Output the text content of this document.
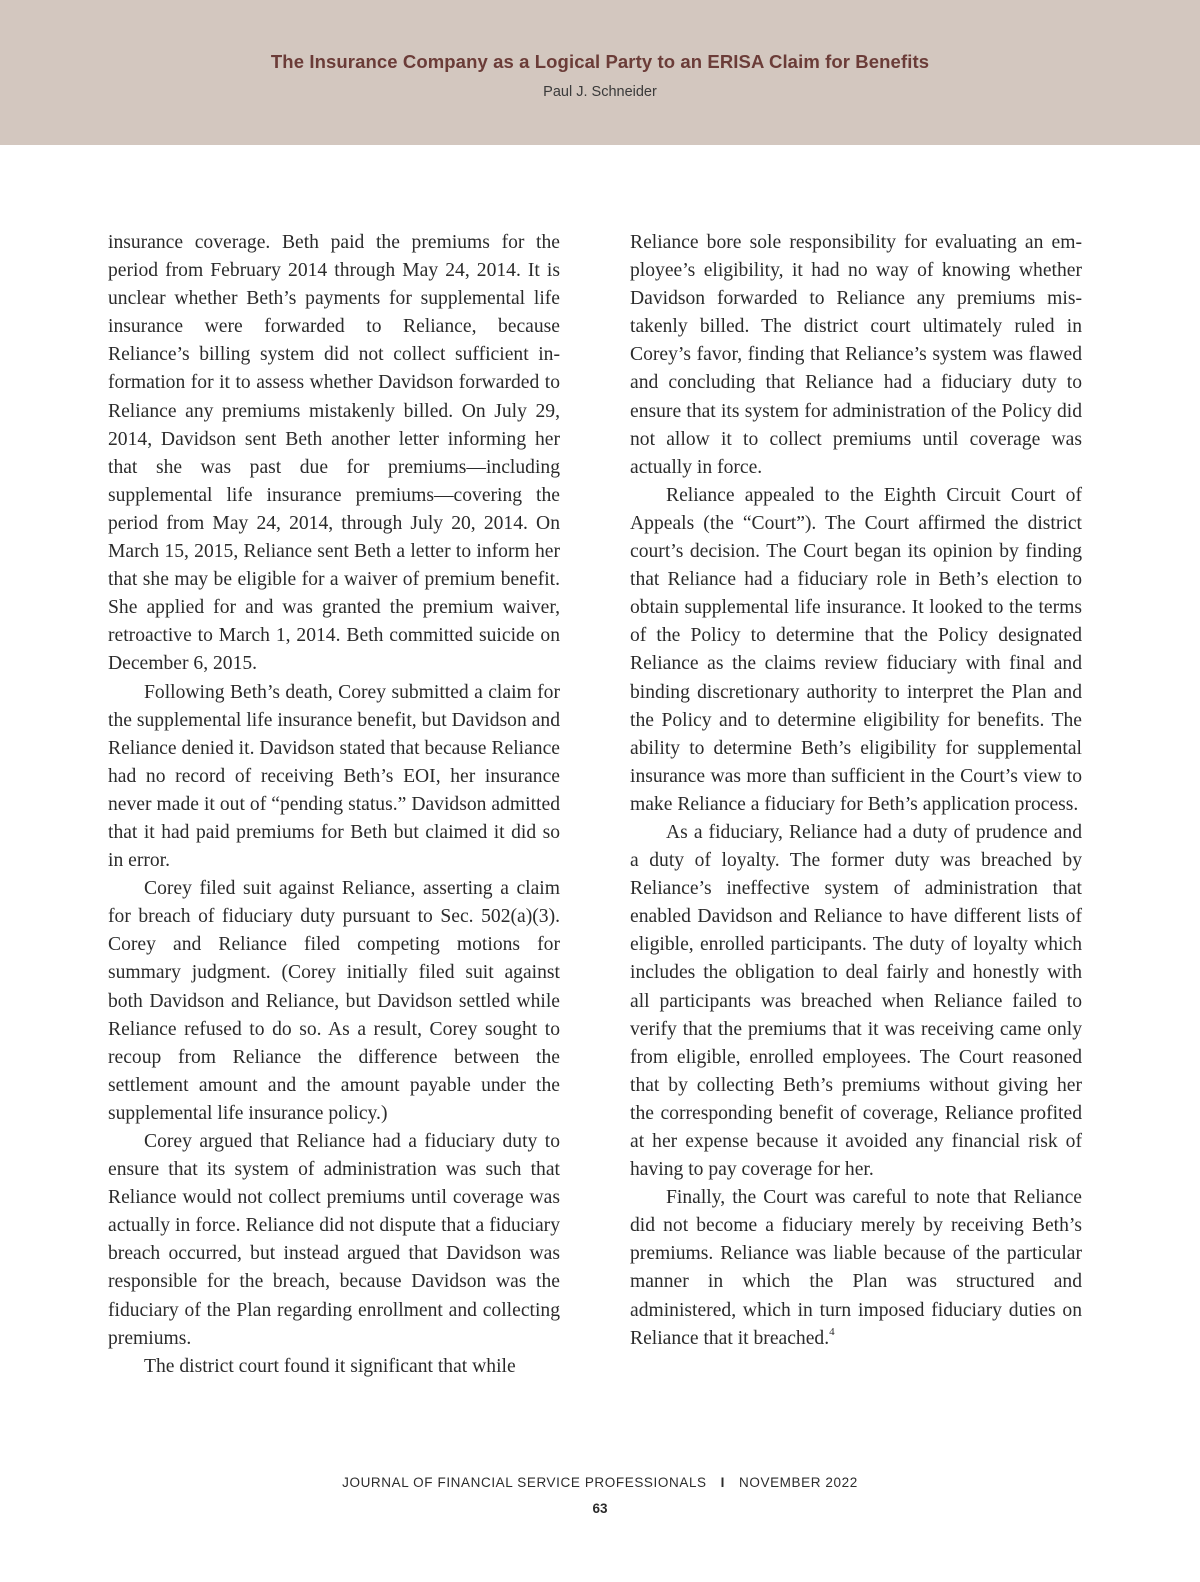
The Insurance Company as a Logical Party to an ERISA Claim for Benefits
Paul J. Schneider

insurance coverage. Beth paid the premiums for the period from February 2014 through May 24, 2014. It is unclear whether Beth’s payments for supplemental life insurance were forwarded to Reliance, because Reliance’s billing system did not collect sufficient information for it to assess whether Davidson forwarded to Reliance any premiums mistakenly billed. On July 29, 2014, Davidson sent Beth another letter informing her that she was past due for premiums—including supplemental life insurance premiums—covering the period from May 24, 2014, through July 20, 2014. On March 15, 2015, Reliance sent Beth a letter to inform her that she may be eligible for a waiver of premium benefit. She applied for and was granted the premium waiver, retroactive to March 1, 2014. Beth committed suicide on December 6, 2015.

Following Beth’s death, Corey submitted a claim for the supplemental life insurance benefit, but Davidson and Reliance denied it. Davidson stated that because Reliance had no record of receiving Beth’s EOI, her insurance never made it out of “pending status.” Davidson admitted that it had paid premiums for Beth but claimed it did so in error.

Corey filed suit against Reliance, asserting a claim for breach of fiduciary duty pursuant to Sec. 502(a)(3). Corey and Reliance filed competing motions for summary judgment. (Corey initially filed suit against both Davidson and Reliance, but Davidson settled while Reliance refused to do so. As a result, Corey sought to recoup from Reliance the difference between the settlement amount and the amount payable under the supplemental life insurance policy.)

Corey argued that Reliance had a fiduciary duty to ensure that its system of administration was such that Reliance would not collect premiums until coverage was actually in force. Reliance did not dispute that a fiduciary breach occurred, but instead argued that Davidson was responsible for the breach, because Davidson was the fiduciary of the Plan regarding enrollment and collecting premiums.

The district court found it significant that while

Reliance bore sole responsibility for evaluating an employee’s eligibility, it had no way of knowing whether Davidson forwarded to Reliance any premiums mistakenly billed. The district court ultimately ruled in Corey’s favor, finding that Reliance’s system was flawed and concluding that Reliance had a fiduciary duty to ensure that its system for administration of the Policy did not allow it to collect premiums until coverage was actually in force.

Reliance appealed to the Eighth Circuit Court of Appeals (the “Court”). The Court affirmed the district court’s decision. The Court began its opinion by finding that Reliance had a fiduciary role in Beth’s election to obtain supplemental life insurance. It looked to the terms of the Policy to determine that the Policy designated Reliance as the claims review fiduciary with final and binding discretionary authority to interpret the Plan and the Policy and to determine eligibility for benefits. The ability to determine Beth’s eligibility for supplemental insurance was more than sufficient in the Court’s view to make Reliance a fiduciary for Beth’s application process.

As a fiduciary, Reliance had a duty of prudence and a duty of loyalty. The former duty was breached by Reliance’s ineffective system of administration that enabled Davidson and Reliance to have different lists of eligible, enrolled participants. The duty of loyalty which includes the obligation to deal fairly and honestly with all participants was breached when Reliance failed to verify that the premiums that it was receiving came only from eligible, enrolled employees. The Court reasoned that by collecting Beth’s premiums without giving her the corresponding benefit of coverage, Reliance profited at her expense because it avoided any financial risk of having to pay coverage for her.

Finally, the Court was careful to note that Reliance did not become a fiduciary merely by receiving Beth’s premiums. Reliance was liable because of the particular manner in which the Plan was structured and administered, which in turn imposed fiduciary duties on Reliance that it breached.$^4$

JOURNAL OF FINANCIAL SERVICE PROFESSIONALS I NOVEMBER 2022
63
